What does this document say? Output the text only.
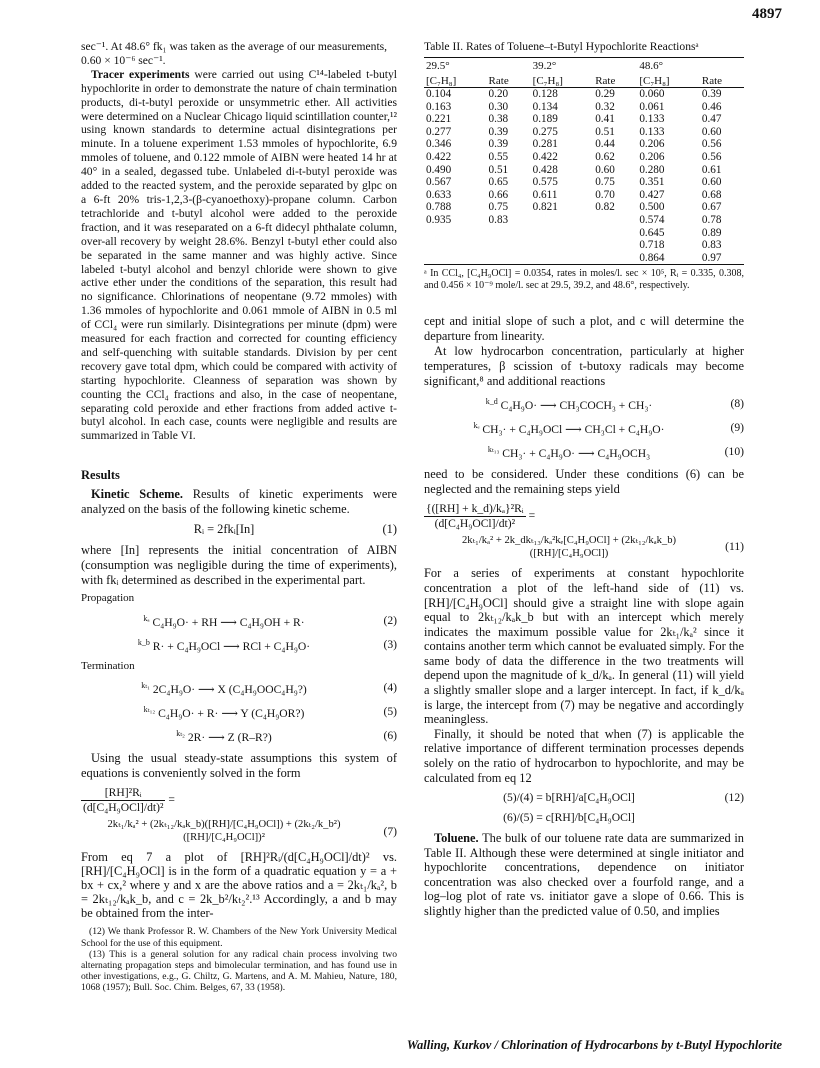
4897

sec⁻¹. At 48.6° fk₁ was taken as the average of our measurements,

0.60 × 10⁻⁶ sec⁻¹.

Tracer experiments were carried out using C¹⁴-labeled t-butyl hypochlorite in order to demonstrate the nature of chain termination products, di-t-butyl peroxide or unsymmetric ether. All activities were determined on a Nuclear Chicago liquid scintillation counter,¹² using known standards to determine actual disintegrations per minute. In a toluene experiment 1.53 mmoles of hypochlorite, 6.9 mmoles of toluene, and 0.122 mmole of AIBN were heated 14 hr at 40° in a sealed, degassed tube. Unlabeled di-t-butyl peroxide was added to the reacted system, and the peroxide separated by glpc on a 6-ft 20% tris-1,2,3-(β-cyanoethoxy)-propane column. Carbon tetrachloride and t-butyl alcohol were added to the peroxide fraction, and it was reseparated on a 6-ft didecyl phthalate column, over-all recovery by weight 28.6%. Benzyl t-butyl ether could also be separated in the same manner and was highly active. Since labeled t-butyl alcohol and benzyl chloride were shown to give active ether under the conditions of the separation, this result had no significance. Chlorinations of neopentane (9.72 mmoles) with 1.36 mmoles of hypochlorite and 0.061 mmole of AIBN in 0.5 ml of CCl₄ were run similarly. Disintegrations per minute (dpm) were measured for each fraction and corrected for counting efficiency and self-quenching with suitable standards. Division by per cent recovery gave total dpm, which could be compared with activity of starting hypochlorite. Cleanness of separation was shown by counting the CCl₄ fractions and also, in the case of neopentane, separating cold peroxide and ether fractions from added active t-butyl alcohol. In each case, counts were negligible and results are summarized in Table VI.

Results

Kinetic Scheme. Results of kinetic experiments were analyzed on the basis of the following kinetic scheme.

Rᵢ = 2fkᵢ[In]	(1)

where [In] represents the initial concentration of AIBN (consumption was negligible during the time of experiments), with fkᵢ determined as described in the experimental part.

Propagation
$^{k_a}$ C₄H₉O· + RH ⟶ C₄H₉OH + R·	(2)
$^{k\_b}$ R· + C₄H₉OCl ⟶ RCl + C₄H₉O·	(3)
Termination
$^{k_{t1}}$ 2C₄H₉O· ⟶ X (C₄H₉OOC₄H₉?)	(4)
$^{k_{t12}}$ C₄H₉O· + R· ⟶ Y (C₄H₉OR?)	(5)
$^{k_{t2}}$ 2R· ⟶ Z (R–R?)	(6)

Using the usual steady-state assumptions this system of equations is conveniently solved in the form

$\frac{\text{[RH]²Rᵢ}}{\text{(d[C₄H₉OCl]/dt)²}}$ =
2kₜ₁/kₐ² + (2kₜ₁₂/kₐk_b)([RH]/[C₄H₉OCl]) + (2kₜ₂/k_b²)([RH]/[C₄H₉OCl])²
(7)

From eq 7 a plot of [RH]²Rᵢ/(d[C₄H₉OCl]/dt)² vs. [RH]/[C₄H₉OCl] is in the form of a quadratic equation y = a + bx + cx,² where y and x are the above ratios and a = 2kₜ₁/kₐ², b = 2kₜ₁₂/kₐk_b, and c = 2k_b²/kₜ₂².¹³ Accordingly, a and b may be obtained from the inter-

(12) We thank Professor R. W. Chambers of the New York University Medical School for the use of this equipment.

(13) This is a general solution for any radical chain process involving two alternating propagation steps and bimolecular termination, and has found use in other investigations, e.g., G. Chiltz, G. Martens, and A. M. Mahieu, Nature, 180, 1068 (1957); Bull. Soc. Chim. Belges, 67, 33 (1958).

Table II. Rates of Toluene–t-Butyl Hypochlorite Reactionsᵃ
29.5°		39.2°		48.6°	
[C₇H₈]	Rate	[C₇H₈]	Rate	[C₇H₈]	Rate
0.104	0.20	0.128	0.29	0.060	0.39
0.163	0.30	0.134	0.32	0.061	0.46
0.221	0.38	0.189	0.41	0.133	0.47
0.277	0.39	0.275	0.51	0.133	0.60
0.346	0.39	0.281	0.44	0.206	0.56
0.422	0.55	0.422	0.62	0.206	0.56
0.490	0.51	0.428	0.60	0.280	0.61
0.567	0.65	0.575	0.75	0.351	0.60
0.633	0.66	0.611	0.70	0.427	0.68
0.788	0.75	0.821	0.82	0.500	0.67
0.935	0.83			0.574	0.78
				0.645	0.89
				0.718	0.83
				0.864	0.97

ᵃ In CCl₄, [C₄H₉OCl] = 0.0354, rates in moles/l. sec × 10⁵, Rᵢ = 0.335, 0.308, and 0.456 × 10⁻⁹ mole/l. sec at 29.5, 39.2, and 48.6°, respectively.

cept and initial slope of such a plot, and c will determine the departure from linearity.

At low hydrocarbon concentration, particularly at higher temperatures, β scission of t-butoxy radicals may become significant,⁸ and additional reactions

$^{k\_d}$ C₄H₉O· ⟶ CH₃COCH₃ + CH₃·	(8)
$^{k_e}$ CH₃· + C₄H₉OCl ⟶ CH₃Cl + C₄H₉O·	(9)
$^{k_{t13}}$ CH₃· + C₄H₉O· ⟶ C₄H₉OCH₃	(10)

need to be considered. Under these conditions (6) can be neglected and the remaining steps yield

$\frac{\text{\{([RH] + k\_d)/kₐ\}²Rᵢ}}{\text{(d[C₄H₉OCl]/dt)²}}$ =
2kₜ₁/kₐ² + 2k_dkₜ₁₃/kₐ²kₑ[C₄H₉OCl] + (2kₜ₁₂/kₐk_b)([RH]/[C₄H₉OCl])
(11)

For a series of experiments at constant hypochlorite concentration a plot of the left-hand side of (11) vs. [RH]/[C₄H₉OCl] should give a straight line with slope again equal to 2kₜ₁₂/kₐk_b but with an intercept which merely indicates the maximum possible value for 2kₜ₁/kₐ² since it contains another term which cannot be evaluated simply. For the same body of data the difference in the two treatments will depend upon the magnitude of k_d/kₐ. In general (11) will yield a slightly smaller slope and a larger intercept. In fact, if k_d/kₐ is large, the intercept from (7) may be negative and accordingly meaningless.

Finally, it should be noted that when (7) is applicable the relative importance of different termination processes depends solely on the ratio of hydrocarbon to hypochlorite, and may be calculated from eq 12

(5)/(4) = b[RH]/a[C₄H₉OCl]	(12)
(6)/(5) = c[RH]/b[C₄H₉OCl]

Toluene. The bulk of our toluene rate data are summarized in Table II. Although these were determined at single initiator and hypochlorite concentrations, dependence on initiator concentration was also checked over a fourfold range, and a log–log plot of rate vs. initiator gave a slope of 0.66. This is slightly higher than the predicted value of 0.50, and implies

Walling, Kurkov / Chlorination of Hydrocarbons by t-Butyl Hypochlorite
